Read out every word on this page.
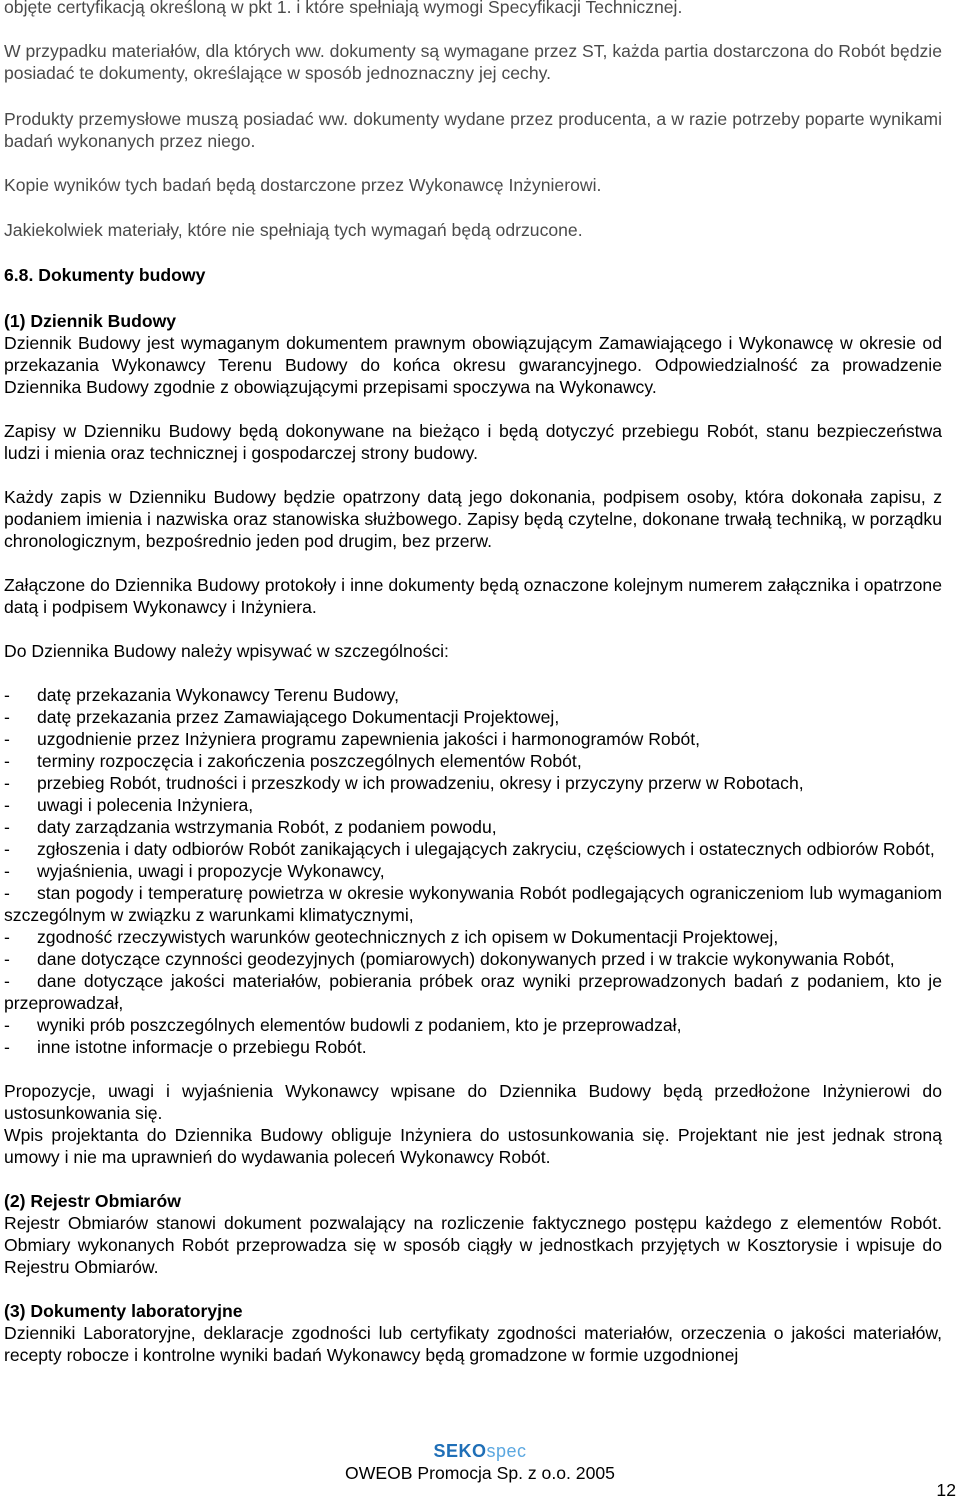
objęte certyfikacją określoną w pkt 1. i które spełniają wymogi Specyfikacji Technicznej.

W przypadku materiałów, dla których ww. dokumenty są wymagane przez ST, każda partia dostarczona do Robót będzie posiadać te dokumenty, określające w sposób jednoznaczny jej cechy.

Produkty przemysłowe muszą posiadać ww. dokumenty wydane przez producenta, a w razie potrzeby poparte wynikami badań wykonanych przez niego.

Kopie wyników tych badań będą dostarczone przez Wykonawcę Inżynierowi.

Jakiekolwiek materiały, które nie spełniają tych wymagań będą odrzucone.

6.8. Dokumenty budowy

(1) Dziennik Budowy

Dziennik Budowy jest wymaganym dokumentem prawnym obowiązującym Zamawiającego i Wykonawcę w okresie od przekazania Wykonawcy Terenu Budowy do końca okresu gwarancyjnego. Odpowiedzialność za prowadzenie Dziennika Budowy zgodnie z obowiązującymi przepisami spoczywa na Wykonawcy.

Zapisy w Dzienniku Budowy będą dokonywane na bieżąco i będą dotyczyć przebiegu Robót, stanu bezpieczeństwa ludzi i mienia oraz technicznej i gospodarczej strony budowy.

Każdy zapis w Dzienniku Budowy będzie opatrzony datą jego dokonania, podpisem osoby, która dokonała zapisu, z podaniem imienia i nazwiska oraz stanowiska służbowego. Zapisy będą czytelne, dokonane trwałą techniką, w porządku chronologicznym, bezpośrednio jeden pod drugim, bez przerw.

Załączone do Dziennika Budowy protokoły i inne dokumenty będą oznaczone kolejnym numerem załącznika i opatrzone datą i podpisem Wykonawcy i Inżyniera.

Do Dziennika Budowy należy wpisywać w szczególności:

-	datę przekazania Wykonawcy Terenu Budowy,
-	datę przekazania przez Zamawiającego Dokumentacji Projektowej,
-	uzgodnienie przez Inżyniera programu zapewnienia jakości i harmonogramów Robót,
-	terminy rozpoczęcia i zakończenia poszczególnych elementów Robót,
-	przebieg Robót, trudności i przeszkody w ich prowadzeniu, okresy i przyczyny przerw w Robotach,
-	uwagi i polecenia Inżyniera,
-	daty zarządzania wstrzymania Robót, z podaniem powodu,
- zgłoszenia i daty odbiorów Robót zanikających i ulegających zakryciu, częściowych i ostatecznych odbiorów Robót,
-	wyjaśnienia, uwagi i propozycje Wykonawcy,
- stan pogody i temperaturę powietrza w okresie wykonywania Robót podlegających ograniczeniom lub wymaganiom szczególnym w związku z warunkami klimatycznymi,
-	zgodność rzeczywistych warunków geotechnicznych z ich opisem w Dokumentacji Projektowej,
- dane dotyczące czynności geodezyjnych (pomiarowych) dokonywanych przed i w trakcie wykonywania Robót,
- dane dotyczące jakości materiałów, pobierania próbek oraz wyniki przeprowadzonych badań z podaniem, kto je przeprowadzał,
-	wyniki prób poszczególnych elementów budowli z podaniem, kto je przeprowadzał,
-	inne istotne informacje o przebiegu Robót.

Propozycje, uwagi i wyjaśnienia Wykonawcy wpisane do Dziennika Budowy będą przedłożone Inżynierowi do ustosunkowania się.

Wpis projektanta do Dziennika Budowy obliguje Inżyniera do ustosunkowania się. Projektant nie jest jednak stroną umowy i nie ma uprawnień do wydawania poleceń Wykonawcy Robót.

(2) Rejestr Obmiarów

Rejestr Obmiarów stanowi dokument pozwalający na rozliczenie faktycznego postępu każdego z elementów Robót. Obmiary wykonanych Robót przeprowadza się w sposób ciągły w jednostkach przyjętych w Kosztorysie i wpisuje do Rejestru Obmiarów.

(3) Dokumenty laboratoryjne

Dzienniki Laboratoryjne, deklaracje zgodności lub certyfikaty zgodności materiałów, orzeczenia o jakości materiałów, recepty robocze i kontrolne wyniki badań Wykonawcy będą gromadzone w formie uzgodnionej

SEKOspec
OWEOB Promocja Sp. z o.o. 2005
12
